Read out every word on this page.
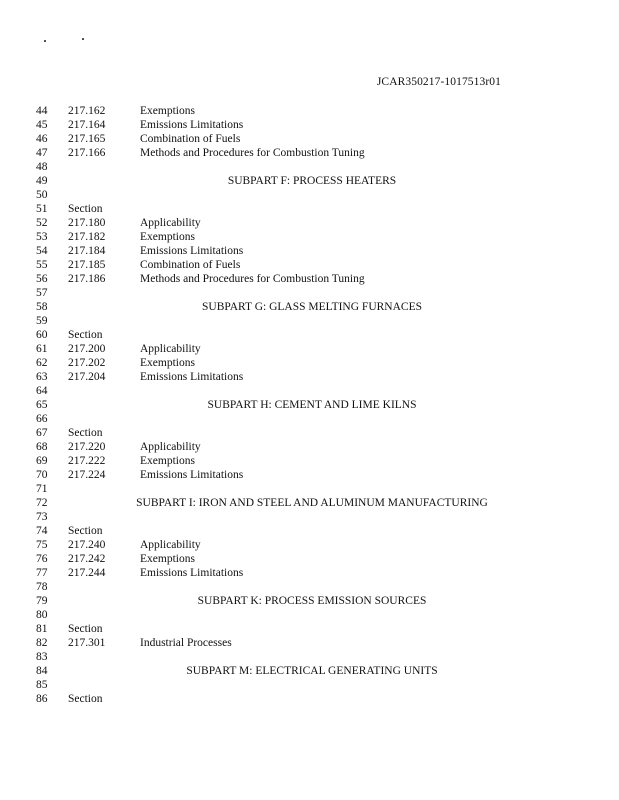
JCAR350217-1017513r01
44	217.162	Exemptions
45	217.164	Emissions Limitations
46	217.165	Combination of Fuels
47	217.166	Methods and Procedures for Combustion Tuning
48
49	SUBPART F: PROCESS HEATERS
50
51	Section
52	217.180	Applicability
53	217.182	Exemptions
54	217.184	Emissions Limitations
55	217.185	Combination of Fuels
56	217.186	Methods and Procedures for Combustion Tuning
57
58	SUBPART G: GLASS MELTING FURNACES
59
60	Section
61	217.200	Applicability
62	217.202	Exemptions
63	217.204	Emissions Limitations
64
65	SUBPART H: CEMENT AND LIME KILNS
66
67	Section
68	217.220	Applicability
69	217.222	Exemptions
70	217.224	Emissions Limitations
71
72	SUBPART I: IRON AND STEEL AND ALUMINUM MANUFACTURING
73
74	Section
75	217.240	Applicability
76	217.242	Exemptions
77	217.244	Emissions Limitations
78
79	SUBPART K: PROCESS EMISSION SOURCES
80
81	Section
82	217.301	Industrial Processes
83
84	SUBPART M: ELECTRICAL GENERATING UNITS
85
86	Section
